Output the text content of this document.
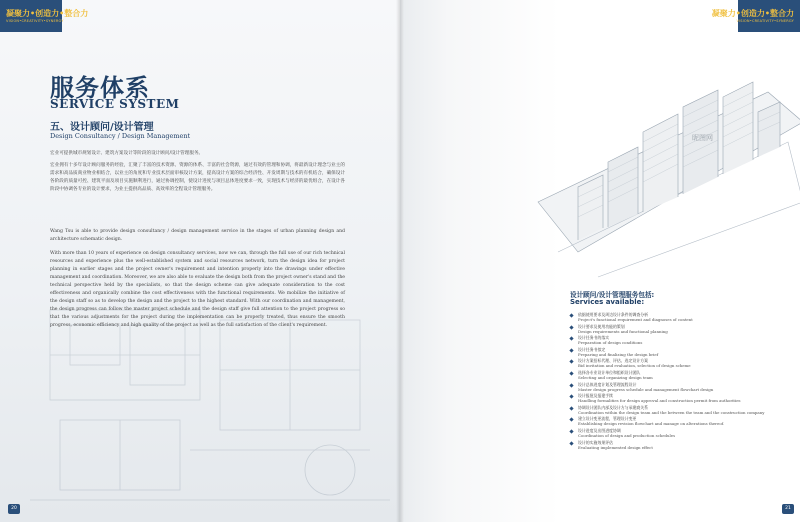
凝聚力•创造力•整合力
VISION•CREATIVITY•SYNERGY
服务体系
SERVICE SYSTEM
五、设计顾问/设计管理
Design Consultancy / Design Management
宏业可提供城市规划设计、建筑方案设计等阶段的设计顾问/设计管理服务。
宏业拥有十多年设计顾问服务的经验，汇聚了丰富的技术资源、资源的体系、丰富的社会资源，通过有效的管理和协调，将最新设计理念与业主的需求和高品质商业物业相结合，以业主的角度和专业技术层面审核设计方案，提高设计方案的综合经济性、开发周期与技术的有机结合，确保设计各阶段的质量可控、建筑平面及项目实施顺利进行，通过协调控制，使设计进度与项目总体进度要求一致，实现技术与经济的最优组合，在设计各阶段中协调各专业的设计要求，为业主提供高品质、高效率的全程设计管理服务。
Wang Tsu is able to provide design consultancy / design management service in the stages of urban planning design and architecture schematic design.
With more than 10 years of experience on design consultancy services, now we can, through the full use of our rich technical resources and experience plus the well-established system and social resources network, turn the design idea for project planning in earlier stages and the project owner's requirement and intention properly into the drawings under effective management and coordination. Moreover, we are also able to evaluate the design both from the project owner's stand and the technical perspective held by the specialists, so that the design scheme can give adequate consideration to the cost effectiveness and organically combine the cost effectiveness with the functional requirements. We mobilize the initiative of the design staff so as to develop the design and the project to the highest standard. With our coordination and management, the design progress can follow the master project schedule and the design staff give full attention to the project progress so that the various adjustments for the project during the implementation can be properly treated, thus ensure the smooth progress, economic efficiency and high quality of the project as well as the full satisfaction of the client's requirement.
20
凝聚力•创造力•整合力
VISION•CREATIVITY•SYNERGY
昵图网
设计顾问/设计管理服务包括:
Services available:
依据使用要求及周边设计条件的调查分析
Project's functional requirement and diagnoses of content
设计要求及使用功能的策划
Design requirements and functional planning
设计任务书的落实
Preparation of design conditions
设计任务书拟定
Preparing and finalizing the design brief
设计方案招标代理、评估、选定设计方案
Bid invitation and evaluation, selection of design scheme
选择各专业设计单位和组织设计团队
Selecting and organizing design team
设计总体进度计划及管理流程设计
Master design progress schedule and management flowchart design
设计报批及报建手续
Handling formalities for design approval and construction permit from authorities
协调设计团队内部及设计方与承建商关系
Coordination within the design team and the between the team and the construction company
建立设计变更流程，管理设计变更
Establishing design revision flowchart and manage on alterations thereof.
设计进度及出图进度协调
Coordination of design and production schedules
设计的实施效果评估
Evaluating implemented design effect
21
